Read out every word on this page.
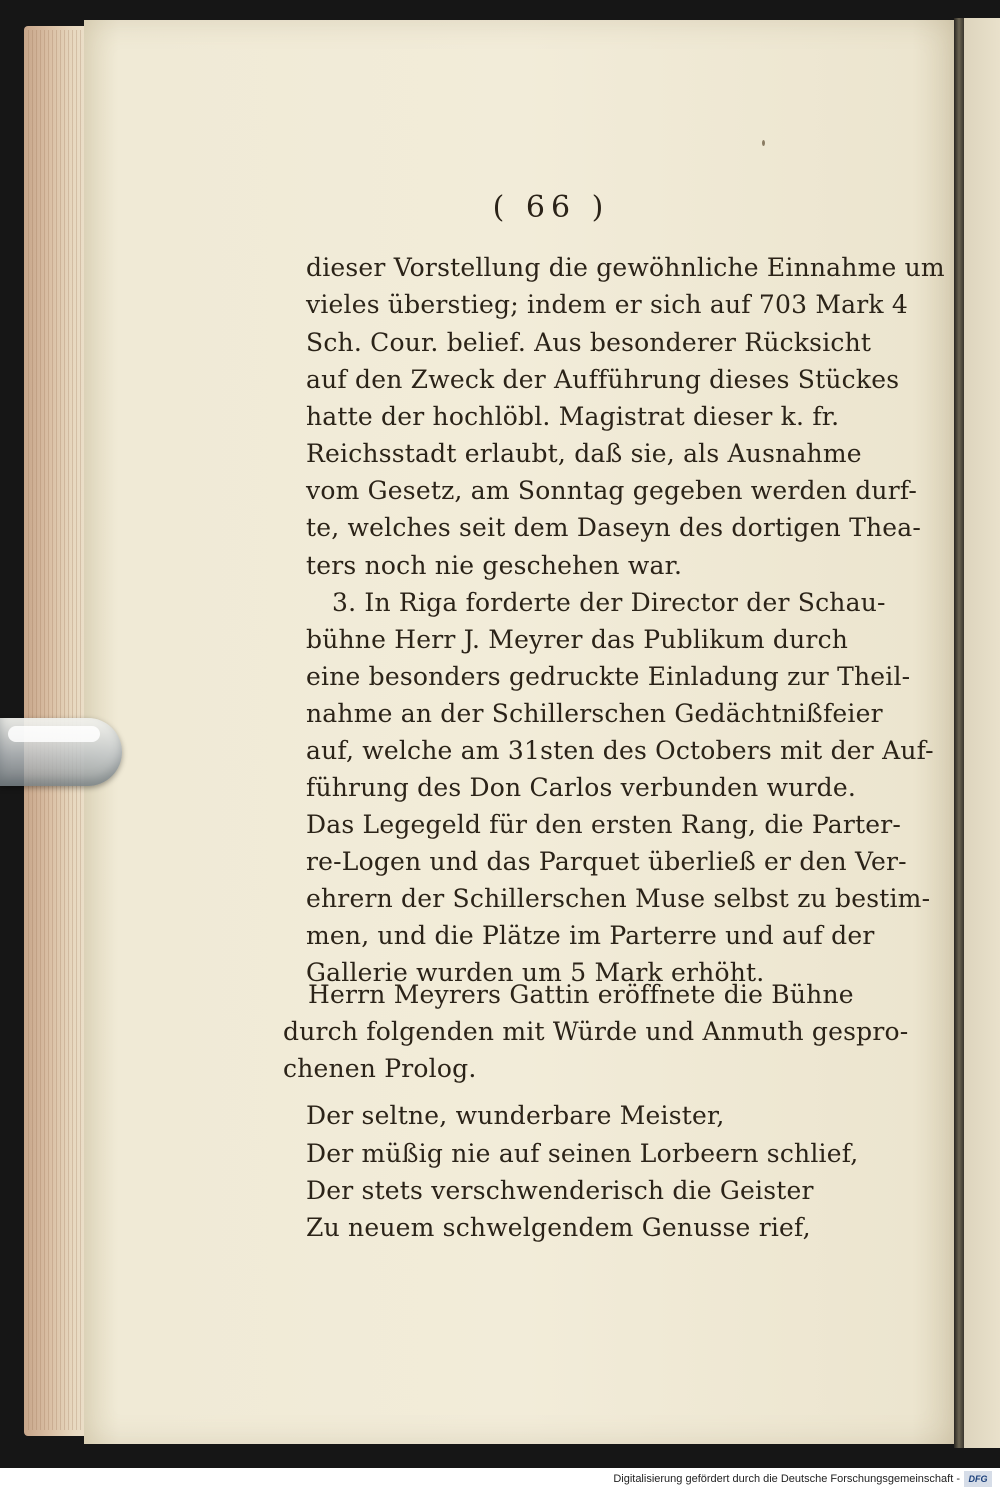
( 66 )
dieser Vorstellung die gewöhnliche Einnahme um
vieles überstieg; indem er sich auf 703 Mark 4
Sch. Cour. belief. Aus besonderer Rücksicht
auf den Zweck der Aufführung dieses Stückes
hatte der hochlöbl. Magistrat dieser k. fr.
Reichsstadt erlaubt, daß sie, als Ausnahme
vom Gesetz, am Sonntag gegeben werden durf-
te, welches seit dem Daseyn des dortigen Thea-
ters noch nie geschehen war.
3. In Riga forderte der Director der Schau-
bühne Herr J. Meyrer das Publikum durch
eine besonders gedruckte Einladung zur Theil-
nahme an der Schillerschen Gedächtnißfeier
auf, welche am 31sten des Octobers mit der Auf-
führung des Don Carlos verbunden wurde.
Das Legegeld für den ersten Rang, die Parter-
re-Logen und das Parquet überließ er den Ver-
ehrern der Schillerschen Muse selbst zu bestim-
men, und die Plätze im Parterre und auf der
Gallerie wurden um 5 Mark erhöht.
Herrn Meyrers Gattin eröffnete die Bühne
durch folgenden mit Würde und Anmuth gespro-
chenen Prolog.
Der seltne, wunderbare Meister,
Der müßig nie auf seinen Lorbeern schlief,
Der stets verschwenderisch die Geister
Zu neuem schwelgendem Genusse rief,
Digitalisierung gefördert durch die Deutsche Forschungsgemeinschaft - DFG
